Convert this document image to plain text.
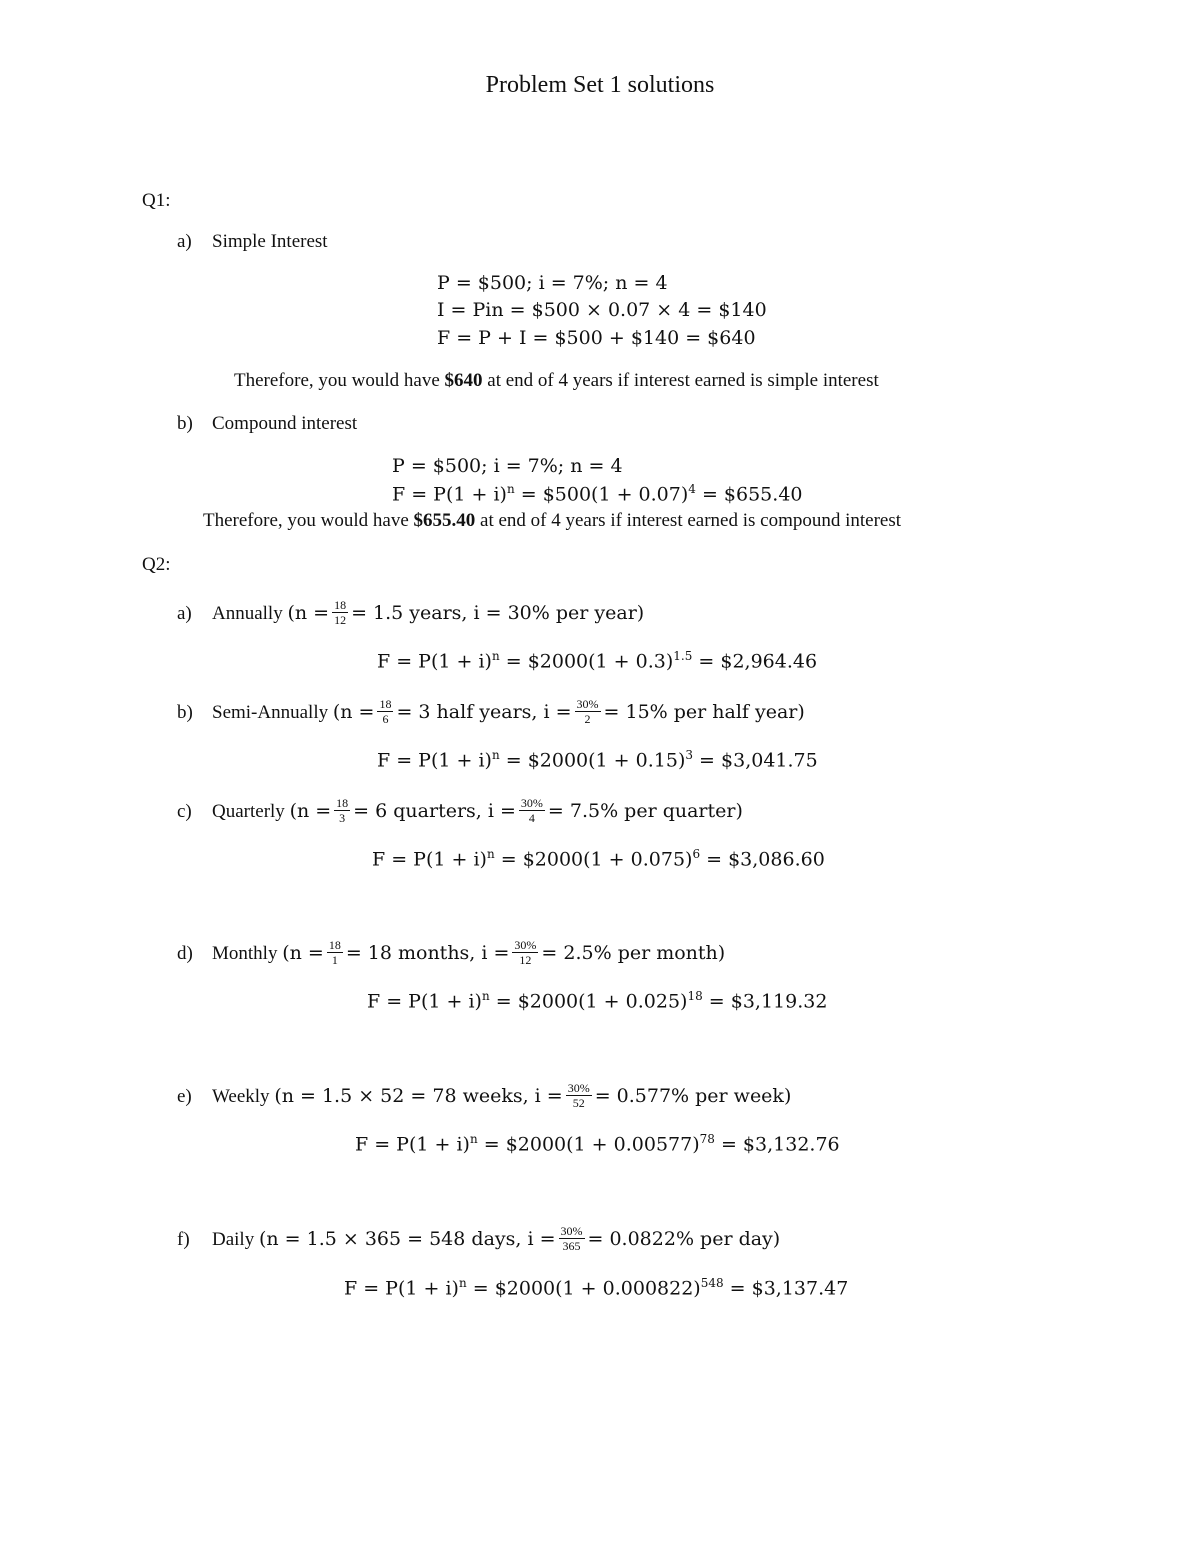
Problem Set 1 solutions
Q1:
a) Simple Interest
P = $500; i = 7%; n = 4
I = Pin = $500 × 0.07 × 4 = $140
F = P + I = $500 + $140 = $640
Therefore, you would have $640 at end of 4 years if interest earned is simple interest
b) Compound interest
P = $500; i = 7%; n = 4
$F = P(1 + i)^n$ = $500(1 + 0.07)$^4$ = $655.40
Therefore, you would have $655.40 at end of 4 years if interest earned is compound interest
Q2:
a) Annually ($n = \frac{18}{12} = 1.5$ years, i = 30% per year)
$F = P(1 + i)^n$ = $2000(1 + 0.3)$^{1.5}$ = $2,964.46
b) Semi-Annually ($n = \frac{18}{6} = 3$ half years, $i = \frac{30\%}{2} = 15\%$ per half year)
$F = P(1 + i)^n$ = $2000(1 + 0.15)$^3$ = $3,041.75
c) Quarterly ($n = \frac{18}{3} = 6$ quarters, $i = \frac{30\%}{4} = 7.5\%$ per quarter)
$F = P(1 + i)^n$ = $2000(1 + 0.075)$^6$ = $3,086.60
d) Monthly ($n = \frac{18}{1} = 18$ months, $i = \frac{30\%}{12} = 2.5\%$ per month)
$F = P(1 + i)^n$ = $2000(1 + 0.025)$^{18}$ = $3,119.32
e) Weekly (n = 1.5 × 52 = 78 weeks, $i = \frac{30\%}{52} = 0.577\%$ per week)
$F = P(1 + i)^n$ = $2000(1 + 0.00577)$^{78}$ = $3,132.76
f) Daily (n = 1.5 × 365 = 548 days, $i = \frac{30\%}{365} = 0.0822\%$ per day)
$F = P(1 + i)^n$ = $2000(1 + 0.000822)$^{548}$ = $3,137.47
